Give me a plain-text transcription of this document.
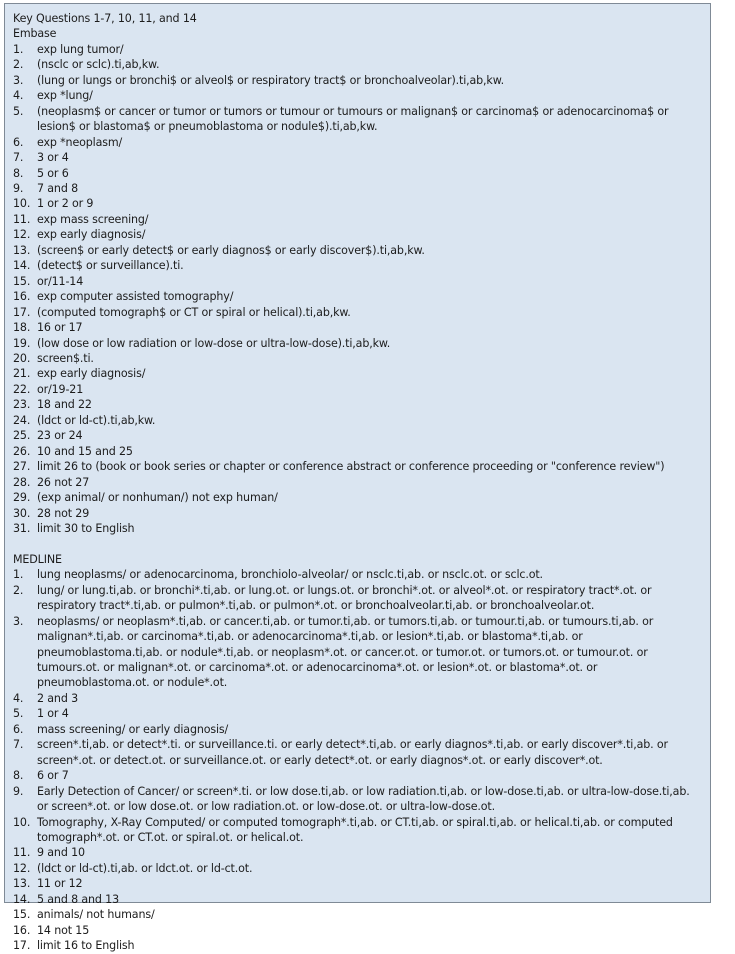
Key Questions 1-7, 10, 11, and 14

Embase

1.	exp lung tumor/
2.	(nsclc or sclc).ti,ab,kw.
3.	(lung or lungs or bronchi$ or alveol$ or respiratory tract$ or bronchoalveolar).ti,ab,kw.
4.	exp *lung/
5.	(neoplasm$ or cancer or tumor or tumors or tumour or tumours or malignan$ or carcinoma$ or adenocarcinoma$ or lesion$ or blastoma$ or pneumoblastoma or nodule$).ti,ab,kw.
6.	exp *neoplasm/
7.	3 or 4
8.	5 or 6
9.	7 and 8
10. 1 or 2 or 9
11. exp mass screening/
12. exp early diagnosis/
13. (screen$ or early detect$ or early diagnos$ or early discover$).ti,ab,kw.
14. (detect$ or surveillance).ti.
15. or/11-14
16. exp computer assisted tomography/
17. (computed tomograph$ or CT or spiral or helical).ti,ab,kw.
18. 16 or 17
19. (low dose or low radiation or low-dose or ultra-low-dose).ti,ab,kw.
20. screen$.ti.
21. exp early diagnosis/
22. or/19-21
23. 18 and 22
24. (ldct or ld-ct).ti,ab,kw.
25. 23 or 24
26. 10 and 15 and 25
27. limit 26 to (book or book series or chapter or conference abstract or conference proceeding or "conference review")
28. 26 not 27
29. (exp animal/ or nonhuman/) not exp human/
30. 28 not 29
31. limit 30 to English

MEDLINE

1.	lung neoplasms/ or adenocarcinoma, bronchiolo-alveolar/ or nsclc.ti,ab. or nsclc.ot. or sclc.ot.
2.	lung/ or lung.ti,ab. or bronchi*.ti,ab. or lung.ot. or lungs.ot. or bronchi*.ot. or alveol*.ot. or respiratory tract*.ot. or respiratory tract*.ti,ab. or pulmon*.ti,ab. or pulmon*.ot. or bronchoalveolar.ti,ab. or bronchoalveolar.ot.
3.	neoplasms/ or neoplasm*.ti,ab. or cancer.ti,ab. or tumor.ti,ab. or tumors.ti,ab. or tumour.ti,ab. or tumours.ti,ab. or malignan*.ti,ab. or carcinoma*.ti,ab. or adenocarcinoma*.ti,ab. or lesion*.ti,ab. or blastoma*.ti,ab. or pneumoblastoma.ti,ab. or nodule*.ti,ab. or neoplasm*.ot. or cancer.ot. or tumor.ot. or tumors.ot. or tumour.ot. or tumours.ot. or malignan*.ot. or carcinoma*.ot. or adenocarcinoma*.ot. or lesion*.ot. or blastoma*.ot. or pneumoblastoma.ot. or nodule*.ot.
4.	2 and 3
5.	1 or 4
6.	mass screening/ or early diagnosis/
7.	screen*.ti,ab. or detect*.ti. or surveillance.ti. or early detect*.ti,ab. or early diagnos*.ti,ab. or early discover*.ti,ab. or screen*.ot. or detect.ot. or surveillance.ot. or early detect*.ot. or early diagnos*.ot. or early discover*.ot.
8.	6 or 7
9.	Early Detection of Cancer/ or screen*.ti. or low dose.ti,ab. or low radiation.ti,ab. or low-dose.ti,ab. or ultra-low-dose.ti,ab. or screen*.ot. or low dose.ot. or low radiation.ot. or low-dose.ot. or ultra-low-dose.ot.
10. Tomography, X-Ray Computed/ or computed tomograph*.ti,ab. or CT.ti,ab. or spiral.ti,ab. or helical.ti,ab. or computed tomograph*.ot. or CT.ot. or spiral.ot. or helical.ot.
11. 9 and 10
12. (ldct or ld-ct).ti,ab. or ldct.ot. or ld-ct.ot.
13. 11 or 12
14. 5 and 8 and 13
15. animals/ not humans/
16. 14 not 15
17. limit 16 to English
